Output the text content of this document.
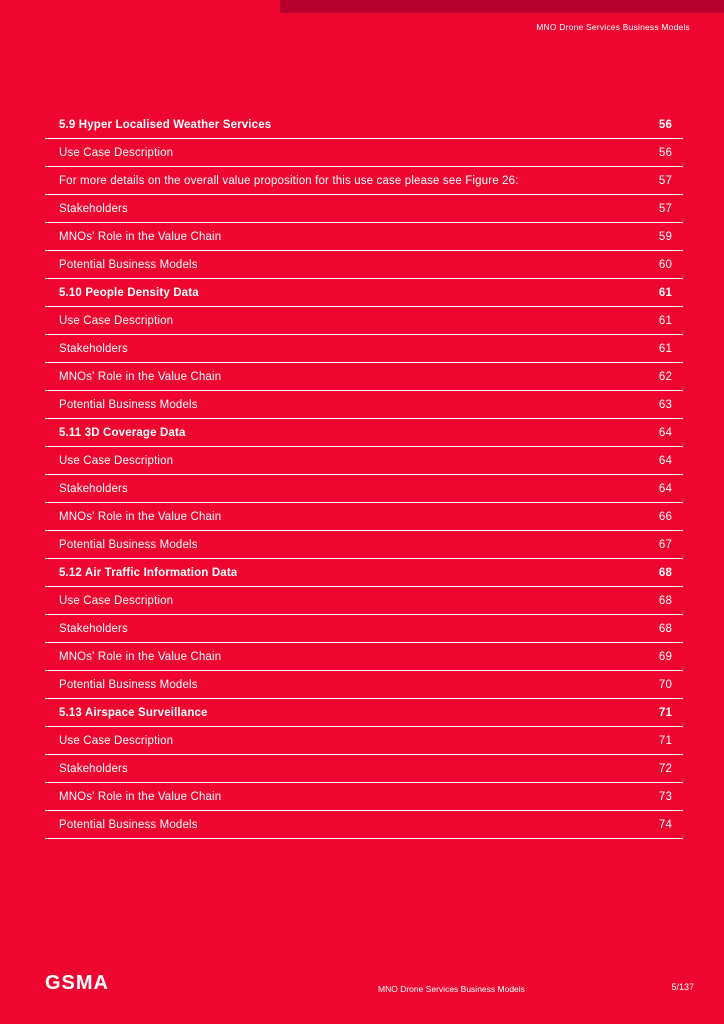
MNO Drone Services Business Models
5.9 Hyper Localised Weather Services	56
Use Case Description	56
For more details on the overall value proposition for this use case please see Figure 26:	57
Stakeholders	57
MNOs' Role in the Value Chain	59
Potential Business Models	60
5.10 People Density Data	61
Use Case Description	61
Stakeholders	61
MNOs' Role in the Value Chain	62
Potential Business Models	63
5.11 3D Coverage Data	64
Use Case Description	64
Stakeholders	64
MNOs' Role in the Value Chain	66
Potential Business Models	67
5.12 Air Traffic Information Data	68
Use Case Description	68
Stakeholders	68
MNOs' Role in the Value Chain	69
Potential Business Models	70
5.13 Airspace Surveillance	71
Use Case Description	71
Stakeholders	72
MNOs' Role in the Value Chain	73
Potential Business Models	74
GSMA	MNO Drone Services Business Models	5/137
